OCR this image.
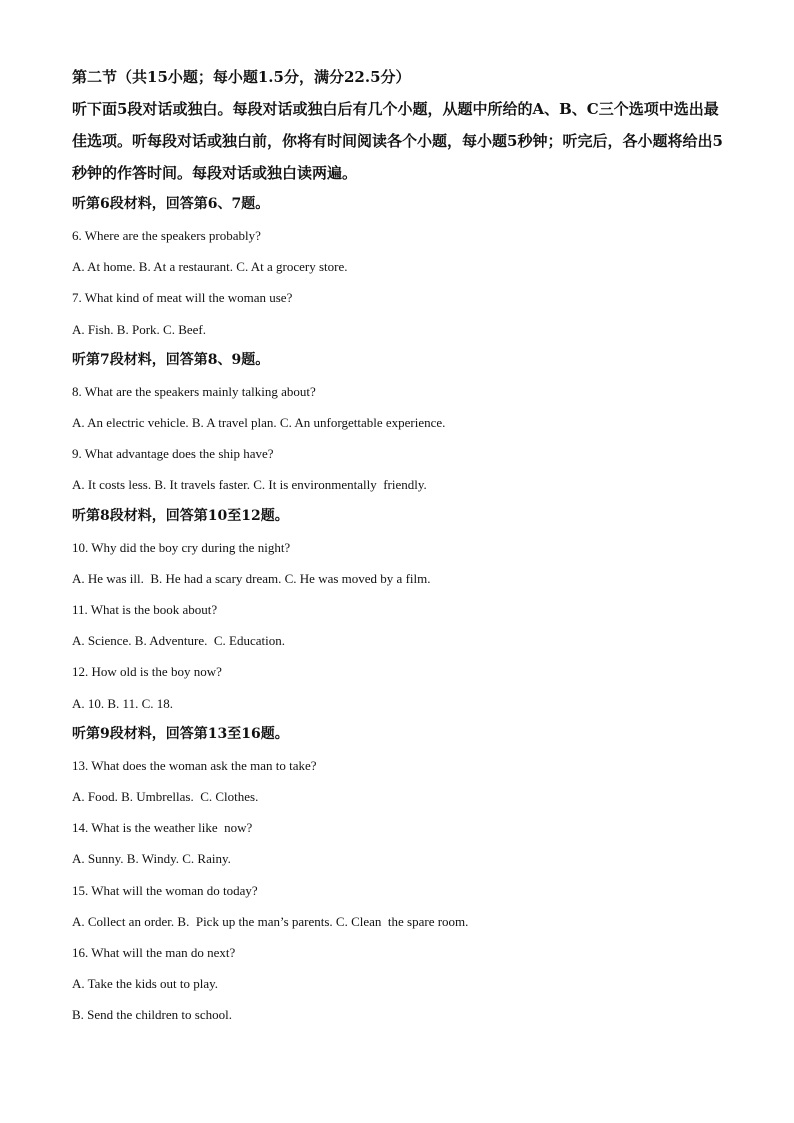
第二节（共15小题；每小题1.5分，满分22.5分）
听下面5段对话或独白。每段对话或独白后有几个小题，从题中所给的A、B、C三个选项中选出最佳选项。听每段对话或独白前，你将有时间阅读各个小题，每小题5秒钟；听完后，各小题将给出5秒钟的作答时间。每段对话或独白读两遍。
听第6段材料，回答第6、7题。
6. Where are the speakers probably?
A. At home. B. At a restaurant. C. At a grocery store.
7. What kind of meat will the woman use?
A. Fish. B. Pork. C. Beef.
听第7段材料，回答第8、9题。
8. What are the speakers mainly talking about?
A. An electric vehicle. B. A travel plan. C. An unforgettable experience.
9. What advantage does the ship have?
A. It costs less. B. It travels faster. C. It is environmentally  friendly.
听第8段材料，回答第10至12题。
10. Why did the boy cry during the night?
A. He was ill.  B. He had a scary dream. C. He was moved by a film.
11. What is the book about?
A. Science. B. Adventure.  C. Education.
12. How old is the boy now?
A. 10. B. 11. C. 18.
听第9段材料，回答第13至16题。
13. What does the woman ask the man to take?
A. Food. B. Umbrellas.  C. Clothes.
14. What is the weather like  now?
A. Sunny. B. Windy. C. Rainy.
15. What will the woman do today?
A. Collect an order. B.  Pick up the man’s parents. C. Clean  the spare room.
16. What will the man do next?
A. Take the kids out to play.
B. Send the children to school.
